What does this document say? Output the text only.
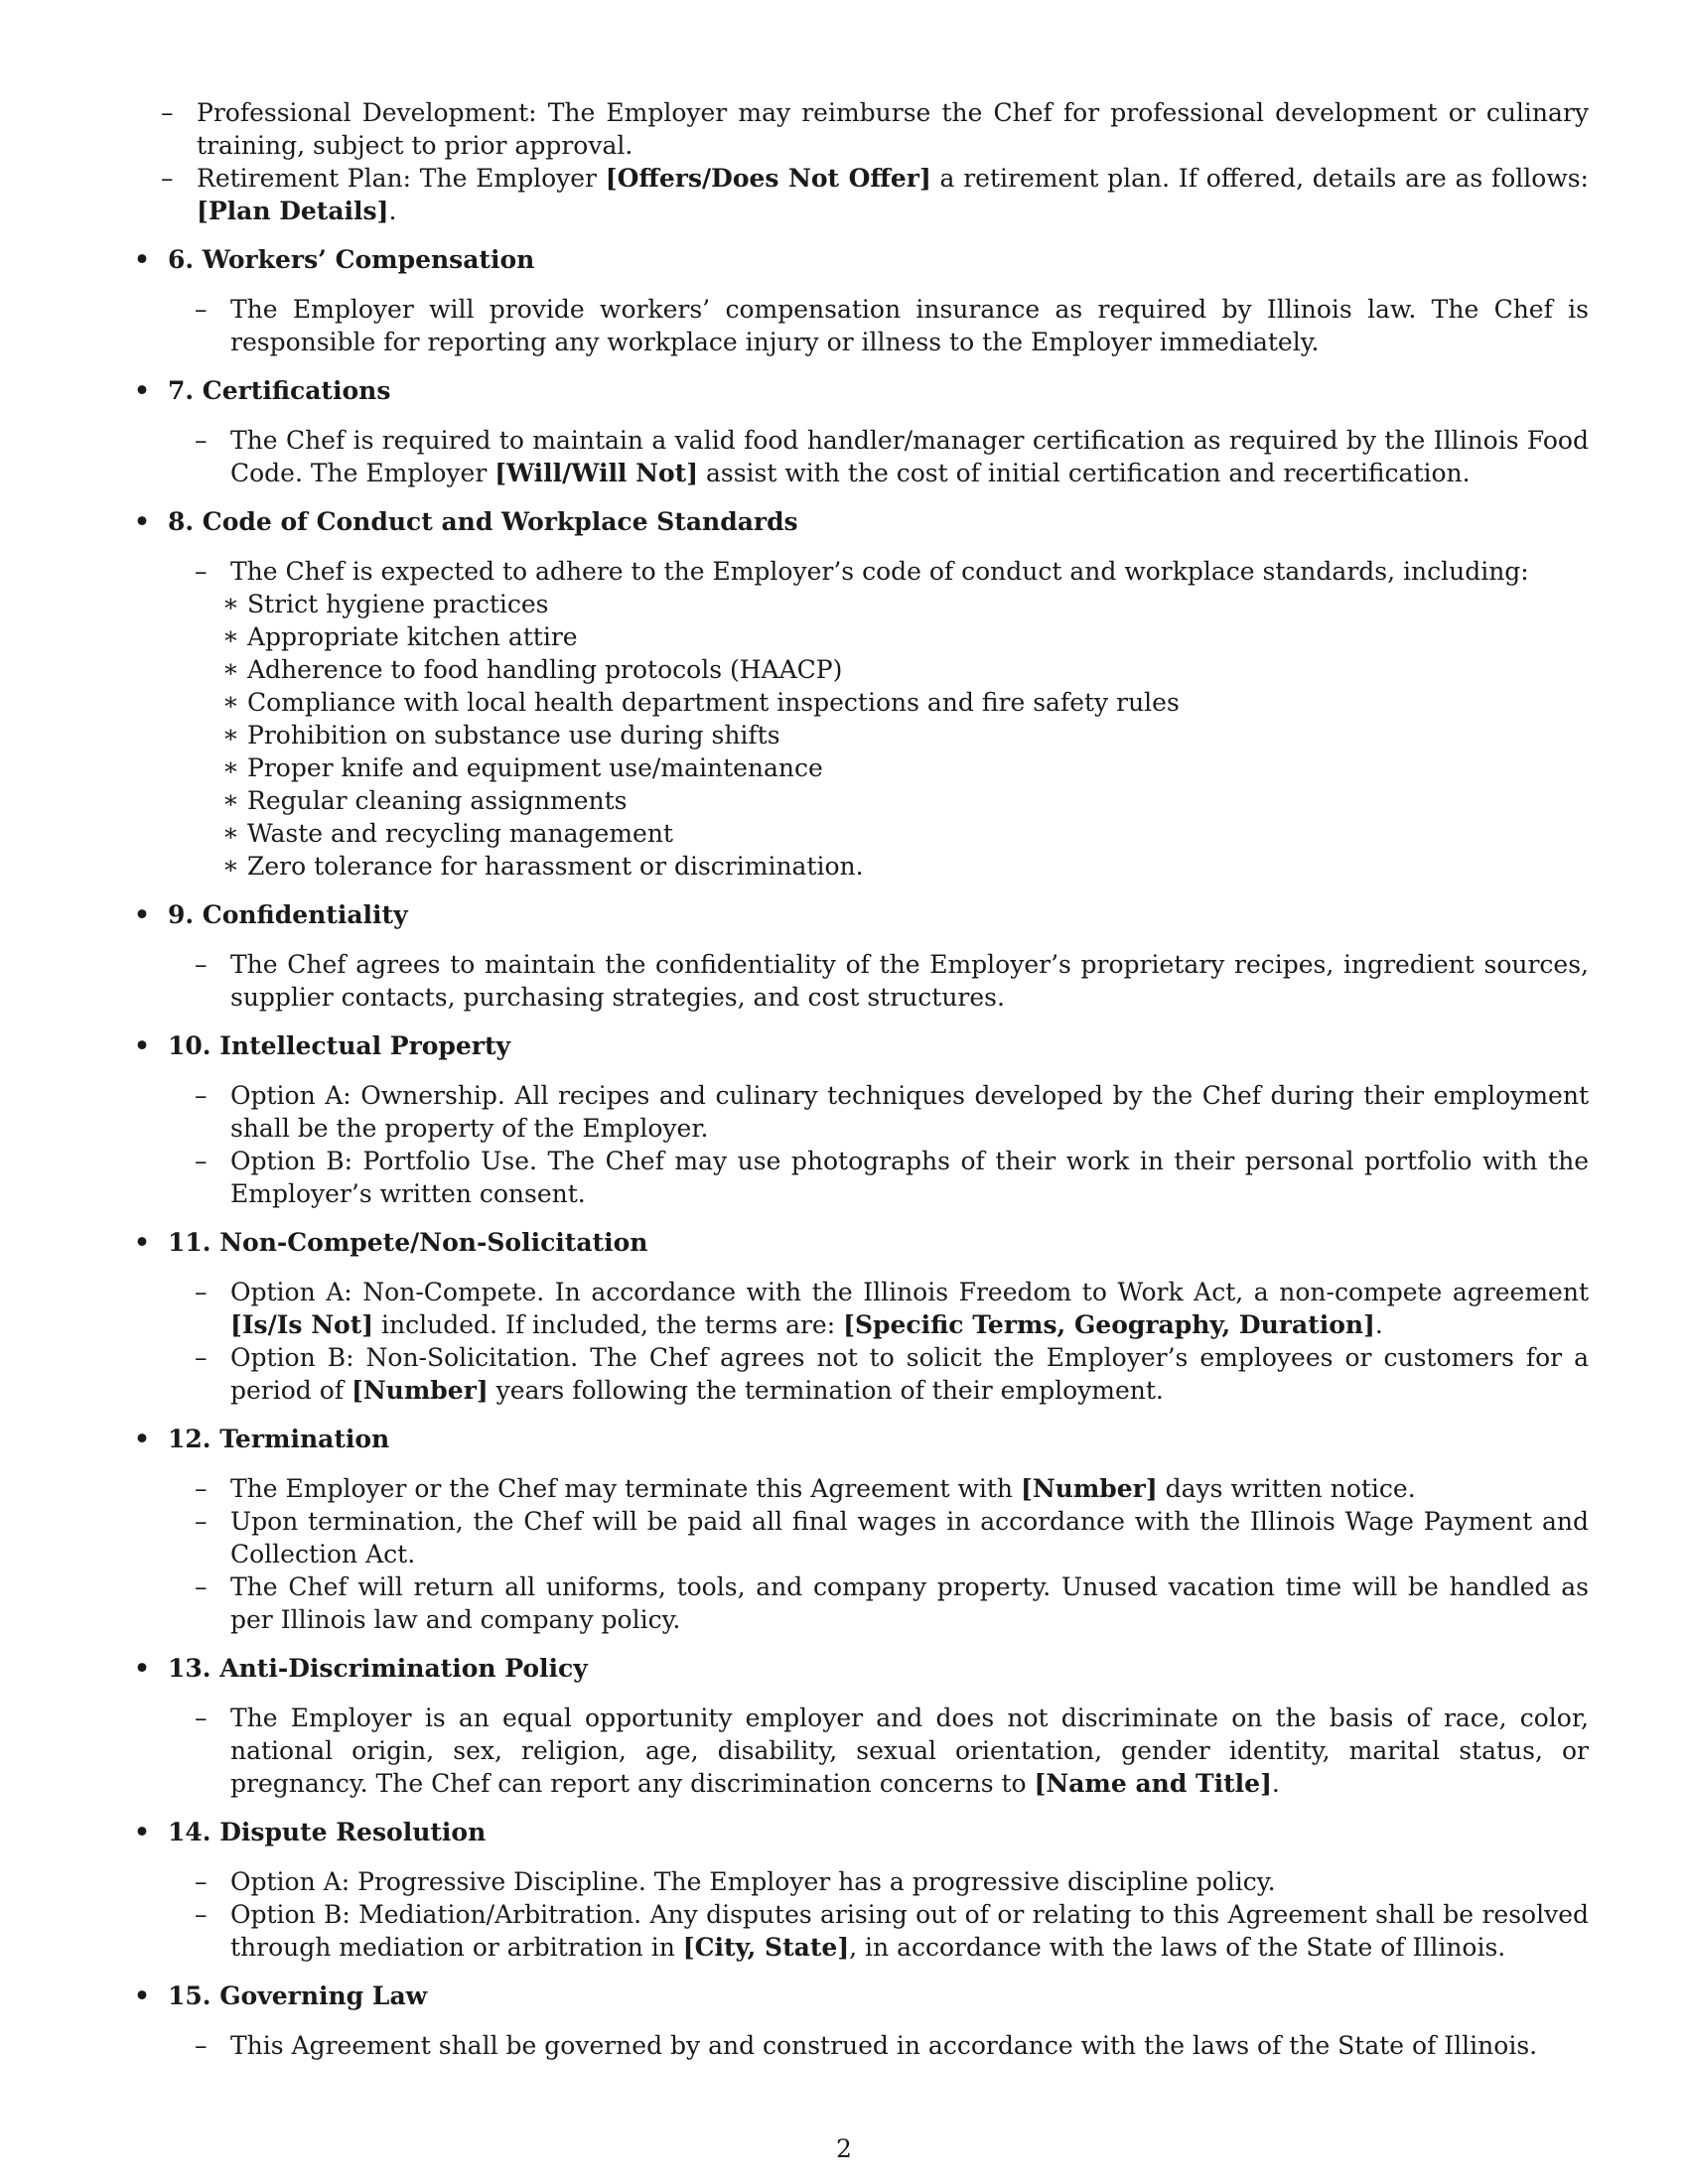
– Professional Development: The Employer may reimburse the Chef for professional development or culinary training, subject to prior approval.
– Retirement Plan: The Employer [Offers/Does Not Offer] a retirement plan. If offered, details are as follows: [Plan Details].
• 6. Workers’ Compensation
– The Employer will provide workers’ compensation insurance as required by Illinois law. The Chef is responsible for reporting any workplace injury or illness to the Employer immediately.
• 7. Certifications
– The Chef is required to maintain a valid food handler/manager certification as required by the Illinois Food Code. The Employer [Will/Will Not] assist with the cost of initial certification and recertification.
• 8. Code of Conduct and Workplace Standards
– The Chef is expected to adhere to the Employer’s code of conduct and workplace standards, including:
∗ Strict hygiene practices
∗ Appropriate kitchen attire
∗ Adherence to food handling protocols (HAACP)
∗ Compliance with local health department inspections and fire safety rules
∗ Prohibition on substance use during shifts
∗ Proper knife and equipment use/maintenance
∗ Regular cleaning assignments
∗ Waste and recycling management
∗ Zero tolerance for harassment or discrimination.
• 9. Confidentiality
– The Chef agrees to maintain the confidentiality of the Employer’s proprietary recipes, ingredient sources, supplier contacts, purchasing strategies, and cost structures.
• 10. Intellectual Property
– Option A: Ownership. All recipes and culinary techniques developed by the Chef during their employment shall be the property of the Employer.
– Option B: Portfolio Use. The Chef may use photographs of their work in their personal portfolio with the Employer’s written consent.
• 11. Non-Compete/Non-Solicitation
– Option A: Non-Compete. In accordance with the Illinois Freedom to Work Act, a non-compete agreement [Is/Is Not] included. If included, the terms are: [Specific Terms, Geography, Duration].
– Option B: Non-Solicitation. The Chef agrees not to solicit the Employer’s employees or customers for a period of [Number] years following the termination of their employment.
• 12. Termination
– The Employer or the Chef may terminate this Agreement with [Number] days written notice.
– Upon termination, the Chef will be paid all final wages in accordance with the Illinois Wage Payment and Collection Act.
– The Chef will return all uniforms, tools, and company property. Unused vacation time will be handled as per Illinois law and company policy.
• 13. Anti-Discrimination Policy
– The Employer is an equal opportunity employer and does not discriminate on the basis of race, color, national origin, sex, religion, age, disability, sexual orientation, gender identity, marital status, or pregnancy. The Chef can report any discrimination concerns to [Name and Title].
• 14. Dispute Resolution
– Option A: Progressive Discipline. The Employer has a progressive discipline policy.
– Option B: Mediation/Arbitration. Any disputes arising out of or relating to this Agreement shall be resolved through mediation or arbitration in [City, State], in accordance with the laws of the State of Illinois.
• 15. Governing Law
– This Agreement shall be governed by and construed in accordance with the laws of the State of Illinois.
2
